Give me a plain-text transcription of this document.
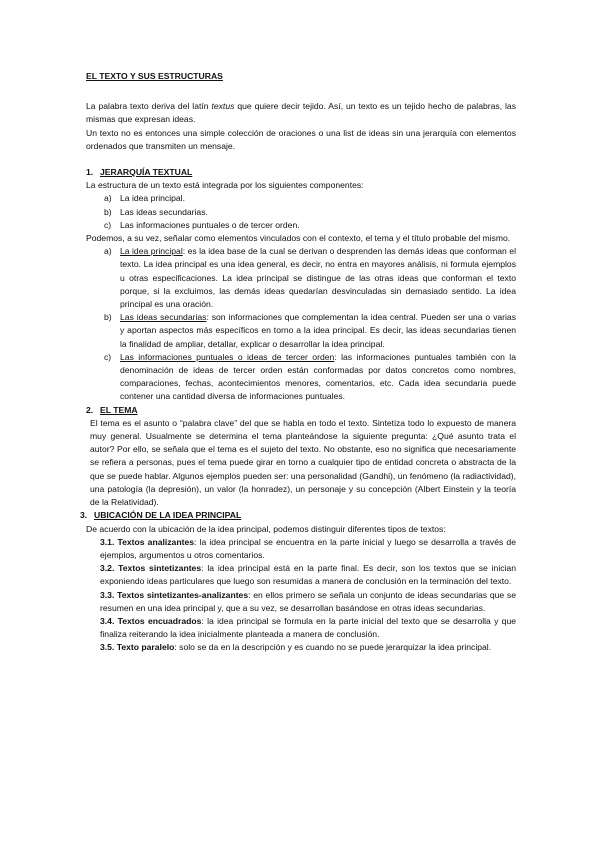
EL TEXTO Y SUS ESTRUCTURAS

La palabra texto deriva del latín textus que quiere decir tejido. Así, un texto es un tejido hecho de palabras, las mismas que expresan ideas.

Un texto no es entonces una simple colección de oraciones o una list de ideas sin una jerarquía con elementos ordenados que transmiten un mensaje.

1. JERARQUÍA TEXTUAL

La estructura de un texto está integrada por los siguientes componentes:

a) La idea principal.
b) Las ideas secundarias.
c) Las informaciones puntuales o de tercer orden.

Podemos, a su vez, señalar como elementos vinculados con el contexto, el tema y el título probable del mismo.

a) La idea principal: es la idea base de la cual se derivan o desprenden las demás ideas que conforman el texto. La idea principal es una idea general, es decir, no entra en mayores análisis, ni formula ejemplos u otras especificaciones. La idea principal se distingue de las otras ideas que conforman el texto porque, si la excluimos, las demás ideas quedarían desvinculadas sin demasiado sentido. La idea principal es una oración.
b) Las ideas secundarias: son informaciones que complementan la idea central. Pueden ser una o varias y aportan aspectos más específicos en torno a la idea principal. Es decir, las ideas secundarias tienen la finalidad de ampliar, detallar, explicar o desarrollar la idea principal.
c) Las informaciones puntuales o ideas de tercer orden: las informaciones puntuales también con la denominación de ideas de tercer orden están conformadas por datos concretos como nombres, comparaciones, fechas, acontecimientos menores, comentarios, etc. Cada idea secundaria puede contener una cantidad diversa de informaciones puntuales.
2. EL TEMA

El tema es el asunto o “palabra clave” del que se habla en todo el texto. Sintetiza todo lo expuesto de manera muy general. Usualmente se determina el tema planteándose la siguiente pregunta: ¿Qué asunto trata el autor? Por ello, se señala que el tema es el sujeto del texto. No obstante, eso no significa que necesariamente se refiera a personas, pues el tema puede girar en torno a cualquier tipo de entidad concreta o abstracta de la que se puede hablar. Algunos ejemplos pueden ser: una personalidad (Gandhi), un fenómeno (la radiactividad), una patología (la depresión), un valor (la honradez), un personaje y su concepción (Albert Einstein y la teoría de la Relatividad).

3. UBICACIÓN DE LA IDEA PRINCIPAL

De acuerdo con la ubicación de la idea principal, podemos distinguir diferentes tipos de textos:

3.1. Textos analizantes: la idea principal se encuentra en la parte inicial y luego se desarrolla a través de ejemplos, argumentos u otros comentarios.

3.2. Textos sintetizantes: la idea principal está en la parte final. Es decir, son los textos que se inician exponiendo ideas particulares que luego son resumidas a manera de conclusión en la terminación del texto.

3.3. Textos sintetizantes-analizantes: en ellos primero se señala un conjunto de ideas secundarias que se resumen en una idea principal y, que a su vez, se desarrollan basándose en otras ideas secundarias.

3.4. Textos encuadrados: la idea principal se formula en la parte inicial del texto que se desarrolla y que finaliza reiterando la idea inicialmente planteada a manera de conclusión.

3.5. Texto paralelo: solo se da en la descripción y es cuando no se puede jerarquizar la idea principal.
